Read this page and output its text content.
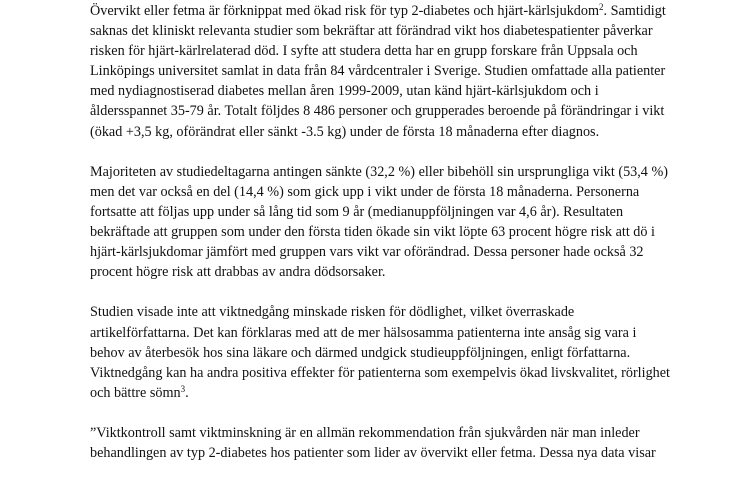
Övervikt eller fetma är förknippat med ökad risk för typ 2-diabetes och hjärt-kärlsjukdom$^2$. Samtidigt
saknas det kliniskt relevanta studier som bekräftar att förändrad vikt hos diabetespatienter påverkar
risken för hjärt-kärlrelaterad död. I syfte att studera detta har en grupp forskare från Uppsala och
Linköpings universitet samlat in data från 84 vårdcentraler i Sverige. Studien omfattade alla patienter
med nydiagnostiserad diabetes mellan åren 1999-2009, utan känd hjärt-kärlsjukdom och i
åldersspannet 35-79 år. Totalt följdes 8 486 personer och grupperades beroende på förändringar i vikt
(ökad +3,5 kg, oförändrat eller sänkt -3.5 kg) under de första 18 månaderna efter diagnos.

Majoriteten av studiedeltagarna antingen sänkte (32,2 %) eller bibehöll sin ursprungliga vikt (53,4 %)
men det var också en del (14,4 %) som gick upp i vikt under de första 18 månaderna. Personerna
fortsatte att följas upp under så lång tid som 9 år (medianuppföljningen var 4,6 år). Resultaten
bekräftade att gruppen som under den första tiden ökade sin vikt löpte 63 procent högre risk att dö i
hjärt-kärlsjukdomar jämfört med gruppen vars vikt var oförändrad. Dessa personer hade också 32
procent högre risk att drabbas av andra dödsorsaker.

Studien visade inte att viktnedgång minskade risken för dödlighet, vilket överraskade
artikelförfattarna. Det kan förklaras med att de mer hälsosamma patienterna inte ansåg sig vara i
behov av återbesök hos sina läkare och därmed undgick studieuppföljningen, enligt författarna.
Viktnedgång kan ha andra positiva effekter för patienterna som exempelvis ökad livskvalitet, rörlighet
och bättre sömn$^3$.

”Viktkontroll samt viktminskning är en allmän rekommendation från sjukvården när man inleder
behandlingen av typ 2-diabetes hos patienter som lider av övervikt eller fetma. Dessa nya data visar
